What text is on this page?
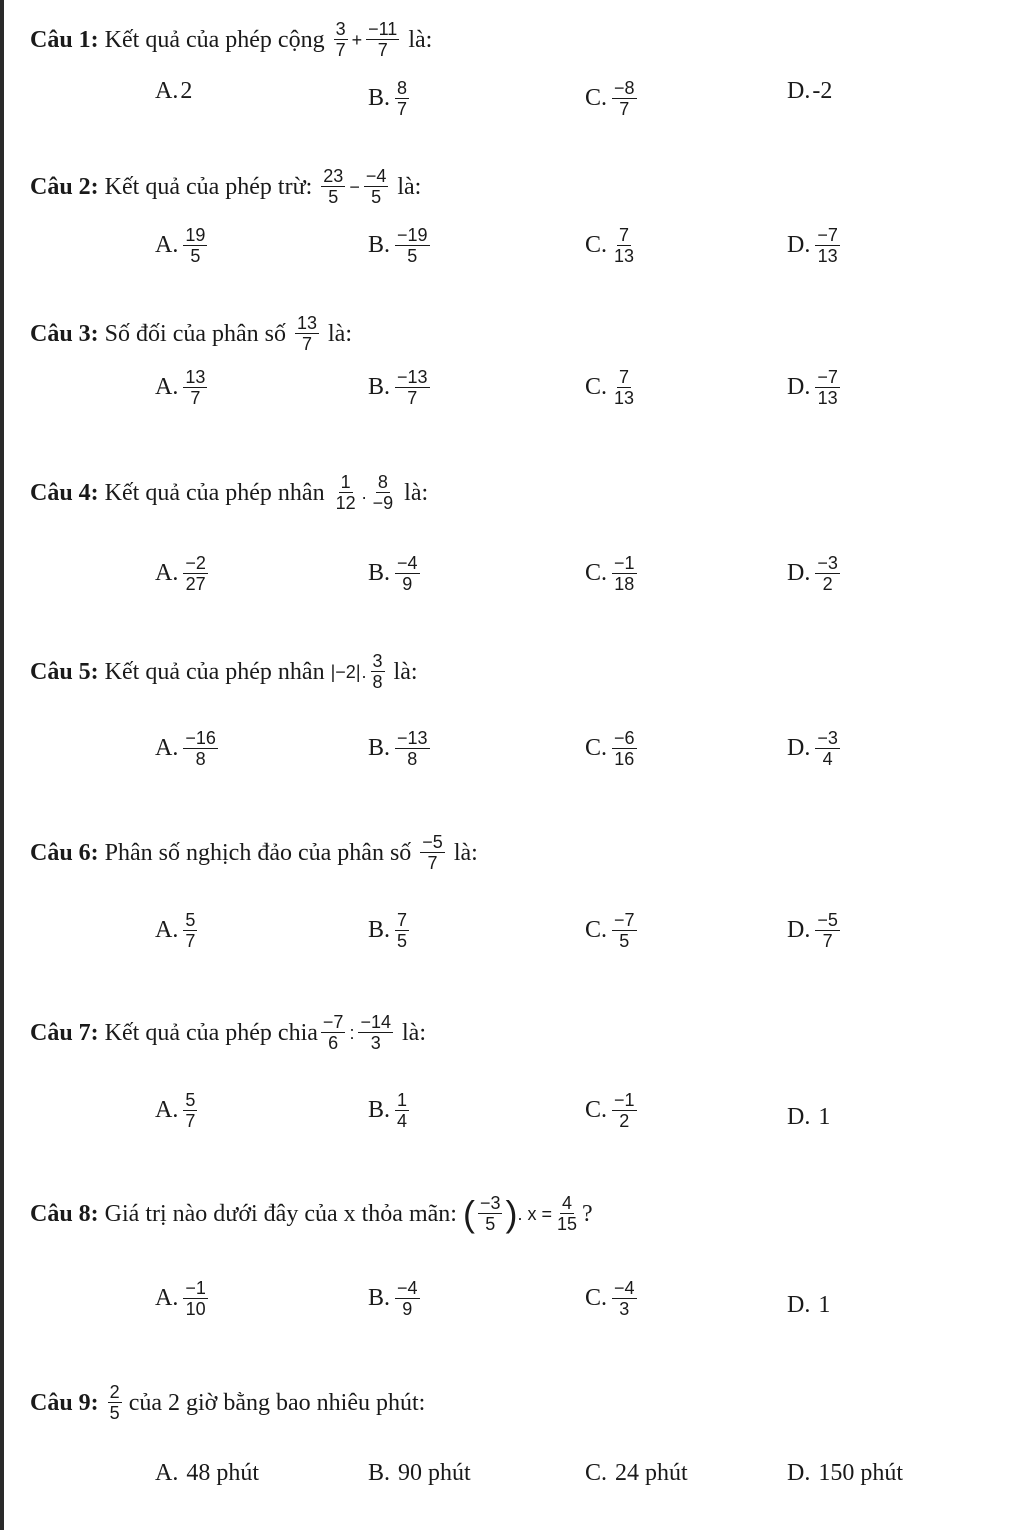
Câu 1: Kết quả của phép cộng $\frac{3}{7} + \frac{-11}{7}$ là:
A. 2	B. $\frac{8}{7}$	C. $\frac{-8}{7}$	D. -2
Câu 2: Kết quả của phép trừ: $\frac{23}{5} - \frac{-4}{5}$ là:
A. $\frac{19}{5}$	B. $\frac{-19}{5}$	C. $\frac{7}{13}$	D. $\frac{-7}{13}$
Câu 3: Số đối của phân số $\frac{13}{7}$ là:
A. $\frac{13}{7}$	B. $\frac{-13}{7}$	C. $\frac{7}{13}$	D. $\frac{-7}{13}$
Câu 4: Kết quả của phép nhân $\frac{1}{12}$ . $\frac{8}{-9}$ là:
A. $\frac{-2}{27}$	B. $\frac{-4}{9}$	C. $\frac{-1}{18}$	D. $\frac{-3}{2}$
Câu 5: Kết quả của phép nhân |−2| . $\frac{3}{8}$ là:
A. $\frac{-16}{8}$	B. $\frac{-13}{8}$	C. $\frac{-6}{16}$	D. $\frac{-3}{4}$
Câu 6: Phân số nghịch đảo của phân số $\frac{-5}{7}$ là:
A. $\frac{5}{7}$	B. $\frac{7}{5}$	C. $\frac{-7}{5}$	D. $\frac{-5}{7}$
Câu 7: Kết quả của phép chia $\frac{-7}{6}$ : $\frac{-14}{3}$ là:
A. $\frac{5}{7}$	B. $\frac{1}{4}$	C. $\frac{-1}{2}$	D.
1
Câu 8: Giá trị nào dưới đây của x thỏa mãn: ( $\frac{-3}{5}$ ) . $x = \frac{4}{15}$ ?
A. $\frac{-1}{10}$	B. $\frac{-4}{9}$	C. $\frac{-4}{3}$	D.
1
Câu 9: $\frac{2}{5}$ của 2 giờ bằng bao nhiêu phút:
A.
48 phút	B.
90 phút	C.
24 phút	D.
150 phút
